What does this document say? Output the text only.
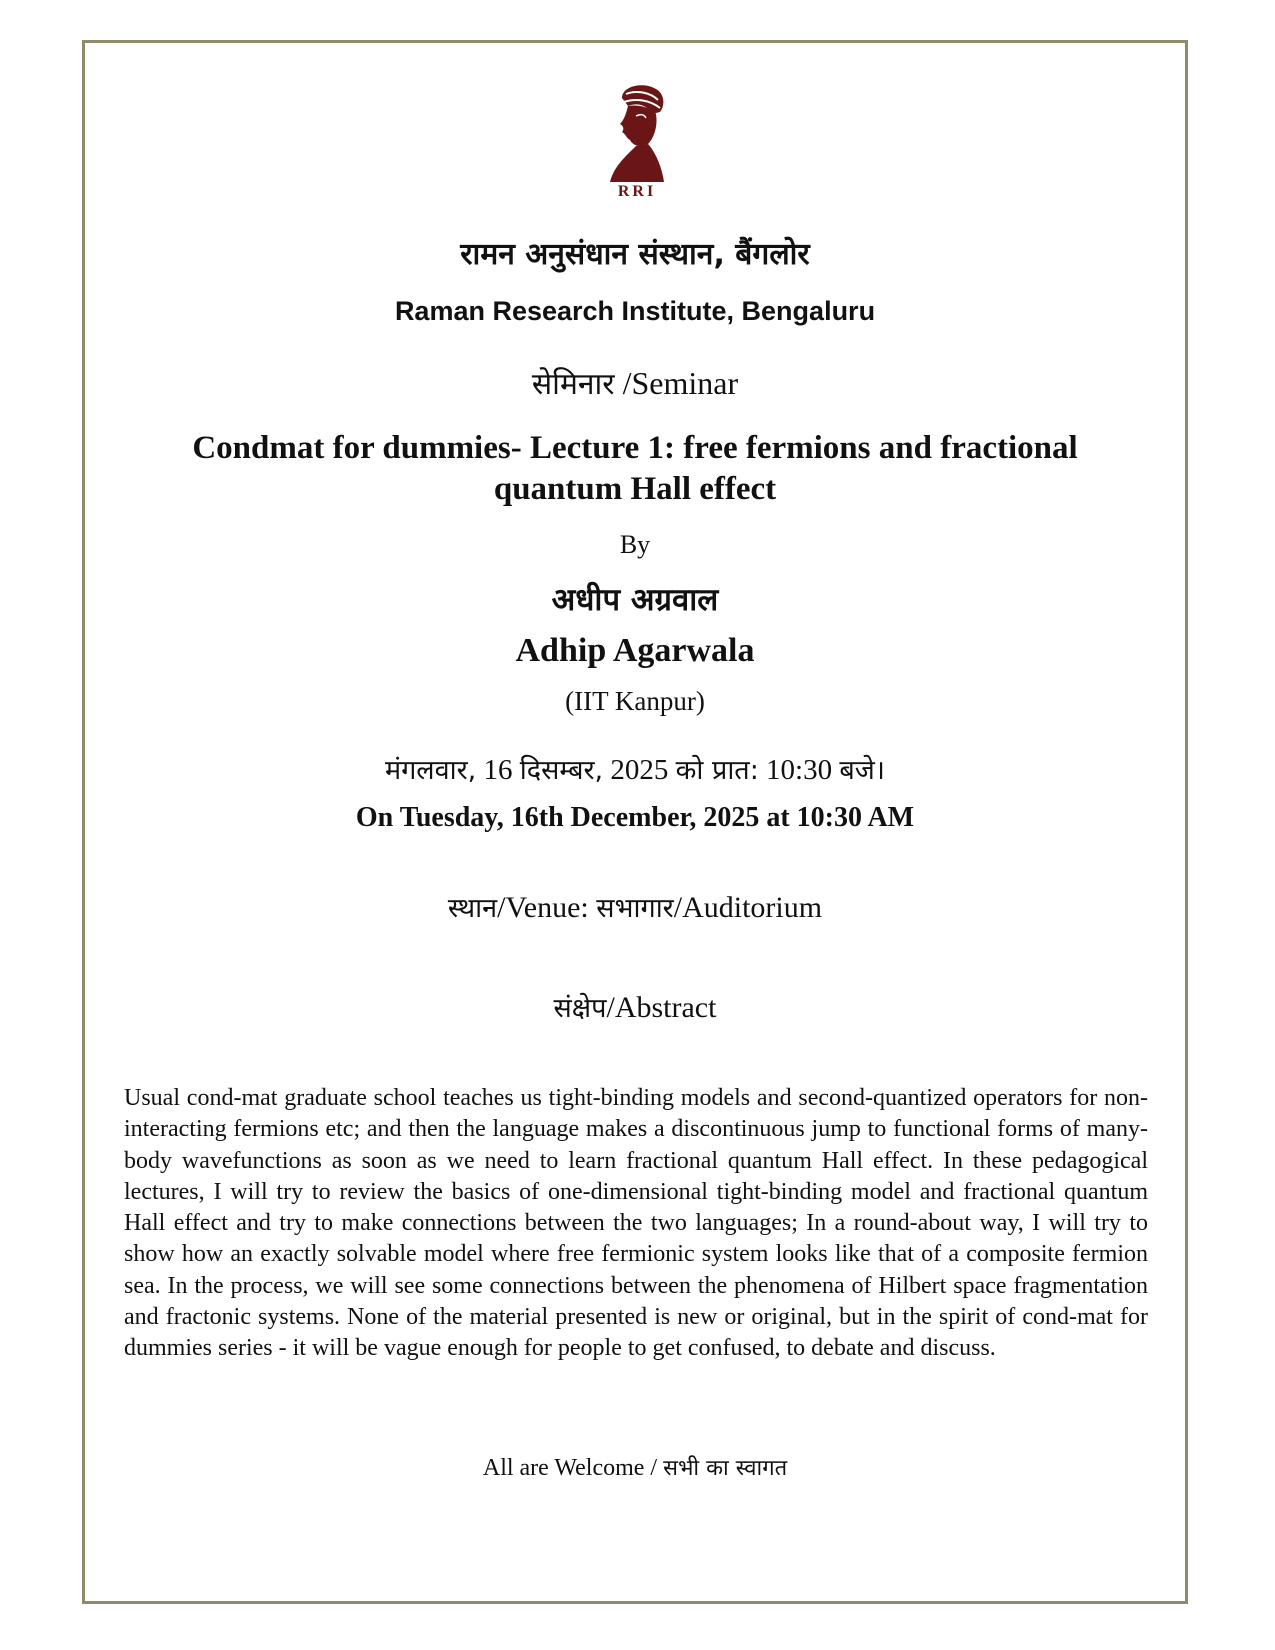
RRI
रामन अनुसंधान संस्थान, बैंगलोर
Raman Research Institute, Bengaluru
सेमिनार /Seminar
Condmat for dummies- Lecture 1: free fermions and fractional
quantum Hall effect
By
अधीप अग्रवाल
Adhip Agarwala
(IIT Kanpur)
मंगलवार, 16 दिसम्बर, 2025 को प्रात: 10:30 बजे।
On Tuesday, 16th December, 2025 at 10:30 AM
स्थान/Venue: सभागार/Auditorium
संक्षेप/Abstract
Usual cond-mat graduate school teaches us tight-binding models and second-quantized operators for non-interacting fermions etc; and then the language makes a discontinuous jump to functional forms of many-body wavefunctions as soon as we need to learn fractional quantum Hall effect. In these pedagogical lectures, I will try to review the basics of one-dimensional tight-binding model and fractional quantum Hall effect and try to make connections between the two languages; In a round-about way, I will try to show how an exactly solvable model where free fermionic system looks like that of a composite fermion sea. In the process, we will see some connections between the phenomena of Hilbert space fragmentation and fractonic systems. None of the material presented is new or original, but in the spirit of cond-mat for dummies series - it will be vague enough for people to get confused, to debate and discuss.
All are Welcome / सभी का स्वागत
